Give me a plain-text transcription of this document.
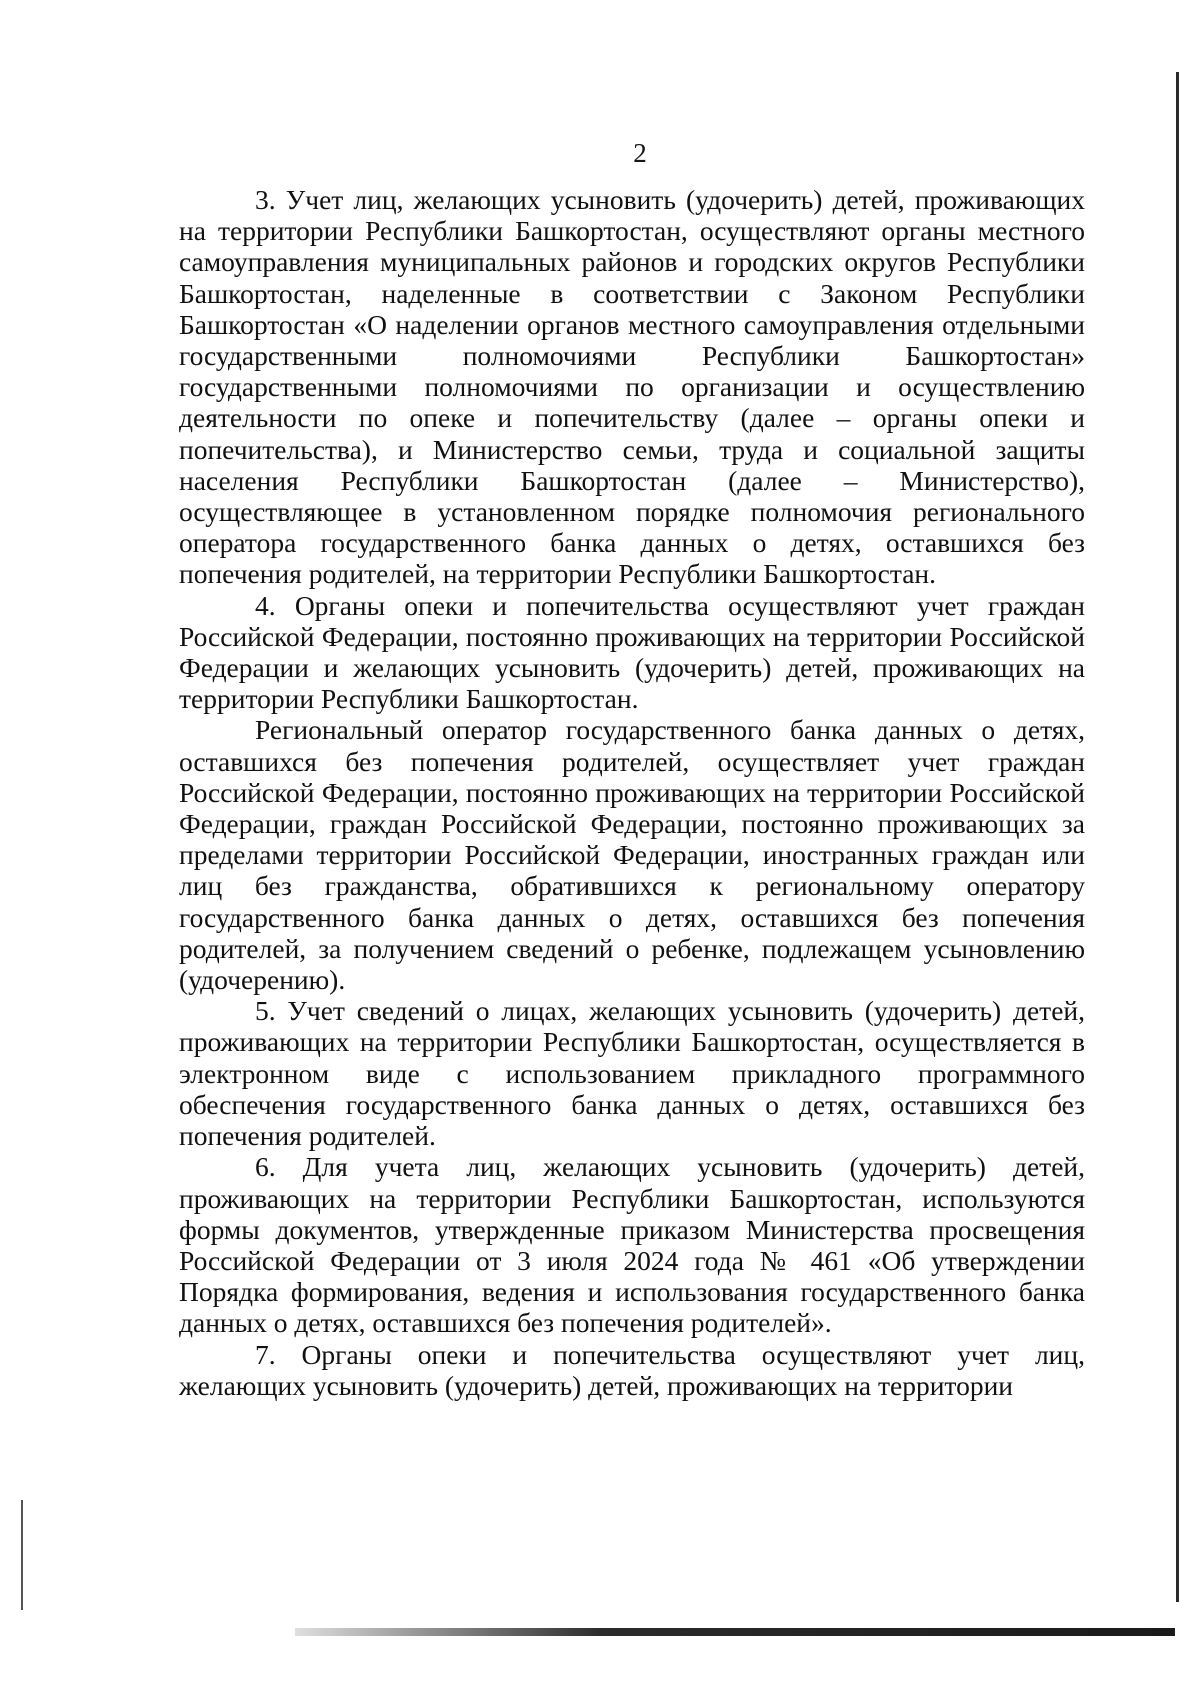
2

3. Учет лиц, желающих усыновить (удочерить) детей, проживающих на территории Республики Башкортостан, осуществляют органы местного самоуправления муниципальных районов и городских округов Республики Башкортостан, наделенные в соответствии с Законом Республики Башкортостан «О наделении органов местного самоуправления отдельными государственными полномочиями Республики Башкортостан» государственными полномочиями по организации и осуществлению деятельности по опеке и попечительству (далее – органы опеки и попечительства), и Министерство семьи, труда и социальной защиты населения Республики Башкортостан (далее – Министерство), осуществляющее в установленном порядке полномочия регионального оператора государственного банка данных о детях, оставшихся без попечения родителей, на территории Республики Башкортостан.

4. Органы опеки и попечительства осуществляют учет граждан Российской Федерации, постоянно проживающих на территории Российской Федерации и желающих усыновить (удочерить) детей, проживающих на территории Республики Башкортостан.

Региональный оператор государственного банка данных о детях, оставшихся без попечения родителей, осуществляет учет граждан Российской Федерации, постоянно проживающих на территории Российской Федерации, граждан Российской Федерации, постоянно проживающих за пределами территории Российской Федерации, иностранных граждан или лиц без гражданства, обратившихся к региональному оператору государственного банка данных о детях, оставшихся без попечения родителей, за получением сведений о ребенке, подлежащем усыновлению (удочерению).

5. Учет сведений о лицах, желающих усыновить (удочерить) детей, проживающих на территории Республики Башкортостан, осуществляется в электронном виде с использованием прикладного программного обеспечения государственного банка данных о детях, оставшихся без попечения родителей.

6. Для учета лиц, желающих усыновить (удочерить) детей, проживающих на территории Республики Башкортостан, используются формы документов, утвержденные приказом Министерства просвещения Российской Федерации от 3 июля 2024 года № 461 «Об утверждении Порядка формирования, ведения и использования государственного банка данных о детях, оставшихся без попечения родителей».

7. Органы опеки и попечительства осуществляют учет лиц, желающих усыновить (удочерить) детей, проживающих на территории
